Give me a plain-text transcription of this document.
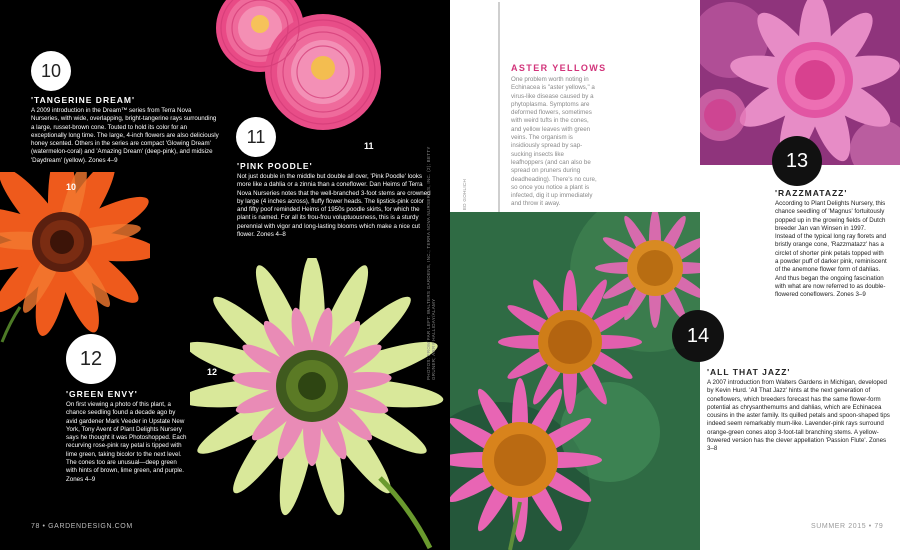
10
11
12
10
11
12
'TANGERINE DREAM'
A 2009 introduction in the Dream™ series from Terra Nova Nurseries, with wide, overlapping, bright-tangerine rays surrounding a large, russet-brown cone. Touted to hold its color for an exceptionally long time. The large, 4-inch flowers are also deliciously honey scented. Others in the series are compact 'Glowing Dream' (watermelon-coral) and 'Amazing Dream' (deep-pink), and midsize 'Daydream' (yellow). Zones 4–9
'PINK POODLE'
Not just double in the middle but double all over, 'Pink Poodle' looks more like a dahlia or a zinnia than a coneflower. Dan Heims of Terra Nova Nurseries notes that the well-branched 3-foot stems are crowned by large (4 inches across), fluffy flower heads. The lipstick-pink color and fifty poof reminded Heims of 1950s poodle skirts, for which the plant is named. For all its frou-frou voluptuousness, this is a sturdy perennial with vigor and long-lasting blooms which make a nice cut flower. Zones 4–8
'GREEN ENVY'
On first viewing a photo of this plant, a chance seedling found a decade ago by avid gardener Mark Veeder in Upstate New York, Tony Avent of Plant Delights Nursery says he thought it was Photoshopped. Each recurving rose-pink ray petal is tipped with lime green, taking bicolor to the next level. The cones too are unusual—deep green with hints of brown, lime green, and purple. Zones 4–9
PHOTOS: FROM FAR LEFT: WALTERS GARDENS, INC.; TERRA NOVA NURSERIES, INC. (2); BETTY GRUNER; ARRY HALLIDAY/ALAMY
78 • GARDENDESIGN.COM
ASTER YELLOWS
One problem worth noting in Echinacea is "aster yellows," a virus-like disease caused by a phytoplasma. Symptoms are deformed flowers, sometimes with weird tufts in the cones, and yellow leaves with green veins. The organism is insidiously spread by sap-sucking insects like leafhoppers (and can also be spread on pruners during deadheading). There's no cure, so once you notice a plant is infected, dig it up immediately and throw it away.
13
14
'RAZZMATAZZ'
According to Plant Delights Nursery, this chance seedling of 'Magnus' fortuitously popped up in the growing fields of Dutch breeder Jan van Winsen in 1997. Instead of the typical long ray florets and bristly orange cone, 'Razzmatazz' has a circlet of shorter pink petals topped with a powder puff of darker pink, reminiscent of the anemone flower form of dahlias. And thus began the ongoing fascination with what are now referred to as double-flowered coneflowers. Zones 3–9
'ALL THAT JAZZ'
A 2007 introduction from Walters Gardens in Michigan, developed by Kevin Hurd. 'All That Jazz' hints at the next generation of coneflowers, which breeders forecast has the same flower-form potential as chrysanthemums and dahlias, which are Echinacea cousins in the aster family. Its quilled petals and spoon-shaped tips indeed seem remarkably mum-like. Lavender-pink rays surround orange-green cones atop 3-foot-tall branching stems. A yellow-flowered version has the clever appellation 'Passion Flute'. Zones 3–8
ED GOHLICH
SUMMER 2015 • 79
